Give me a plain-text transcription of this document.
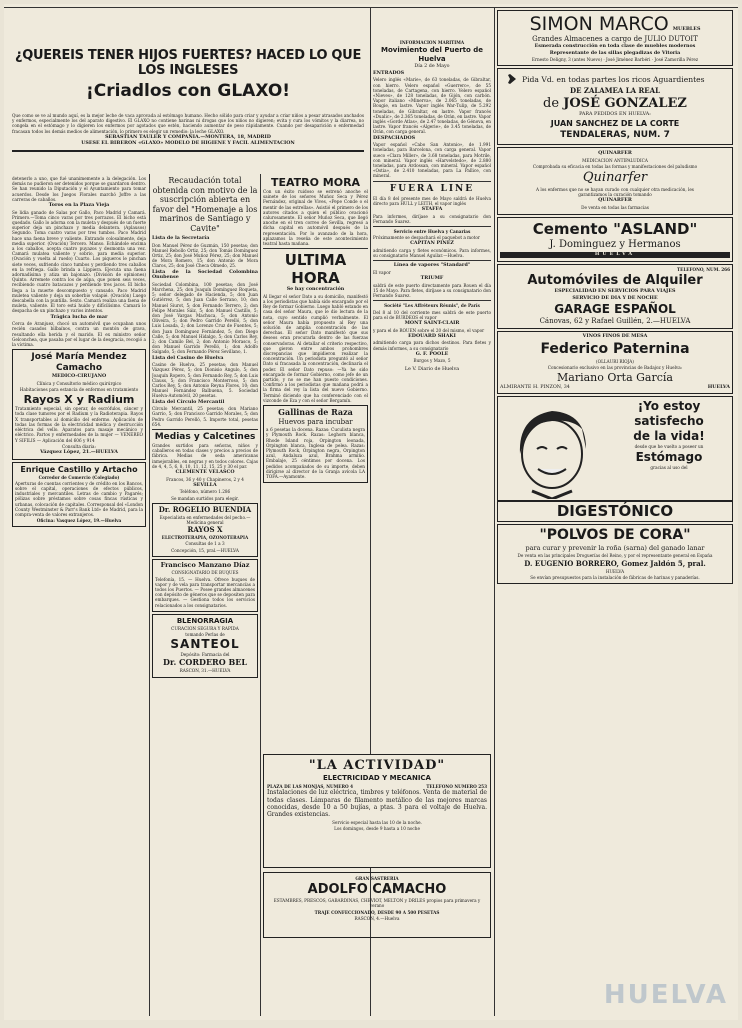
¿QUEREIS TENER HIJOS FUERTES? HACED LO QUE LOS INGLESES
¡Criadlos con GLAXO!

Que como se ve al mundo aquí, es la mejor leche de vaca aprovada al estómago humano. Hecho sólido para criar y ayudar a criar niños a pesar atrasados anchados y enfermos, especialmente los del aparato digestivo. El GLAXO no contiene harinas ni drogas que los niños no digieren; evita y cura los vómitos y la diarrea, no congela en el estómago y lo digieren los enfermos por agotados que estén, haciendo aumentar de peso rápidamente. Cuando por desaparición o enfermedad fracasan todos los demás medios de alimentación, lo primero es elegir un remedio: la leche GLAXO.

SEBASTIAN TAULER Y COMPAÑIA.—MONTERA, 18, MADRID

USESE EL BIBERON «GLAXO» MODELO DE HIGIENE Y FACIL ALIMENTACION

detenerlo a uno, que fué unanimemente a la delegación. Los demás no pudieron ser detenidos porque se guardaron dentro. Se han reunido la Diputación y el Ayuntamiento para tomar acuerdos. Desde los Juegos Florales marchó Joffre a las carreras de caballos.

Toros en la Plaza Vieja

Se lidia ganado de Salas por Gallo, Paco Madrid y Camará. Primero.—Toma cinco varas por tres porrazos. El bicho está quedado. Gallo lo adorna con la muleta y después de un fuerte superior deja un pinchazo y media delantera. (Aplausos) Segundo. Toma cuatro varas por tres tumbos. Paco Madrid hace una faena breve y valiente. Entrando colosalmente, deja media superior. (Ovación) Tercero. Manso. Echándole encima a los caballos, acepta cuatro puyazos y desmonta una vez. Camará mulatea valiente y sobrio, para media superior. (Ovación y vuelta al ruedo) Cuarto. Los piqueros le pinchan siete veces, sufriendo cinco tumbos y perdiendo tres caballos en la refriega. Gallo brinda a Lippiera. Ejecuta una faena adornadísima y atiza un bajonazo. (División de opiniones) Quinto. Arremete contra los de aúpa, que ponen seis veces, recibiendo cuatro batacazos y perdiendo tres jacos. El bicho llega a la muerte descompuesto y cansado. Paco Madrid muletea valiente y deja un soberbio volapié. (Ovación) Luego descabella con la puntilla. Sexto. Camará realiza una faena de muleta, valiente. El toro está huido y difícilísimo. Camará lo despacha de un pinchazo y varios intentos.

Trágica lucha de mar

Cerca de Aranjuez, chocó un automóvil que ocupaban unos recién casados bilbaínos, contra un montón de grava, resultando ella herida y el marido. El ex ministro señor Gelconchea, que pasaba por el lugar de la desgracia, recogió a la víctima.

José María Mendez Camacho

MEDICO-CIRUJANO

Clínica y Consultorio médico quirúrgico

Habitaciones para estancia de enfermos en tratamiento

Rayos X y Radium

Tratamiento especial, sin operar, de escrófulos, cáncer y toda clase tumores por el Radium y la Radioterapia. Rayos X transportables al domicilio del enfermo. Aplicación de todas las formas de la electricidad médica y destrucción eléctrica del vello. Aparatos para masaje mecánico y eléctrico. Partos y enfermedades de la mujer — VENEREO Y SIFILIS — Aplicación del 606 y 914

Consulta diaria:

Vázquez López, 21.—HUELVA

Enrique Castillo y Artacho

Corredor de Comercio (Colegiado)

Aperturas de cuentas corrientes y de crédito en los Bancos, sobre el capital, operaciones de efectos públicos, industriales y mercantiles. Letras de cambio y Pagarés; pólizas sobre préstamos sobre cosas fincas rústicas y urbanas, colocación de capitales. Corresponsal del «London County Westminster & Parr's Bank Ltd» de Madrid, para la compra-venta de valores extranjeros.

Oficina: Vasquez López, 19.—Huelva

Recaudación total obtenida con motivo de la suscripción abierta en favor del "Homenaje a los marinos de Santiago y Cavite"

Lista de la Secretaría

Don Manuel Pérez de Guzmán, 150 pesetas; don Manuel Rebollo Ortiz, 25; don Tomás Domínguez Ortiz, 25; don José Muñoz Pérez, 25; don Manuel de Mora Romero, 15; don Antonio de Mora Claros, 25; don José Checa Olmedo, 25.

Lista de la Sociedad Colombina Onubense

Sociedad Colombina, 100 pesetas; don José Marchena, 25; don Joaquín Domínguez Roqueta, 5; señor delegado de Hacienda, 5; don Juan Gutiérrez, 5; don Juan Calle Serrano, 10; don Manuel Siurot, 5; don Fernando Terrero, 2; don Felipe Morales Sáiz, 5; don Manuel Castillo, 5; don José Vargas Machuca, 5; don Antonio Oliveira, 5; don Pedro Garrido Perelló, 5; don Luis Losada, 2; don Lorenzo Cruz de Fuentes, 5; don Juan Domínguez Fernández, 5; don Diego Calle, 5; don Manuel Hidalgo, 5; don Carlos Rey, 2; don Camilo Bel, 2; don Antonio Morasco, 5; don Manuel Garrido Perelló, 1; don Adolfo Salgado, 5; don Fernando Pérez Sevillano, 1.

Lista del Casino de Huelva

Casino de Huelva, 25 pesetas; don Manuel Vázquez Pérez, 5; don Dionisio Angulo, 5; don Joaquín Ropero, 5; don Fernando Rey, 5; don Luis Clauss, 5; don Francisco Monterroso, 5; don Carlos Rey, 5; don Antonio Reyna Flores, 10; don Manuel Fernández Balbuena, 5. Sociedad Huelva-Automóvil, 20 pesetas.

Lista del Círculo Mercantil

Círculo Mercantil, 25 pesetas; don Mariano Garrio, 5; don Francisco Garrido Morales, 5; don Pedro Garrido Perelló, 5. Importe total, pesetas 654.

Medias y Calcetines

Grandes surtidos para señoras, niños y caballeros en todas clases y precios a precios de fábrica. Medias de seda americanas inmejorables, en negras y en todos colores. Cajas de 4, 4, 5, 6, 8, 10, 11, 12, 15, 25 y 30 el par.

CLEMENTE VELASCO

Francos, 36 y 40 y Chapineros, 2 y 4

SEVILLA

Teléfono, número 1.286

Se mandan surtidos para elegir.

Dr. ROGELIO BUENDIA

Especialista en enfermedades del pecho.—Medicina general

RAYOS X

ELECTROTERAPIA, OZONOTERAPIA

Consultas de 1 a 3

Concepción, 15, pral.—HUELVA

Francisco Manzano Díaz

CONSIGNATARIO DE BUQUES

Telefonía, 15. — Huelva. Ofrece buques de vapor y de vela para transportar mercancías a todos los Puertos. — Posee grandes almacenes con depósito de géneros que se depositen para embarques. — Gestiona todos los servicios relacionados a los consignatarios.

BLENORRAGIA

CURACION SEGURA Y RAPIDA

tomando Perlas de

SANTEOL

Depósito: Farmacia del

Dr. CORDERO BEL

RASCON, 31.—HUELVA

TEATRO MORA

Con un éxito ruidoso se estrenó anoche el sainete de los señores Muñoz Seca y Pérez Fernández, original de Vives, «Pepe Conde o el mentir de las estrellas». Asistió el primero de los autores citados a quien el público ovacionó calurosamente. El señor Muñoz Seca, que llegó anoche en el tren correo de Sevilla, regresó a dicha capital en automóvil después de la representación. Por lo avanzado de la hora, aplazamos la reseña de este acontecimiento teatral hasta mañana.

ULTIMA HORA

Se hay concentración

Al llegar el señor Dato a su domicilio, manifestó a los periodistas que había sido encargado por el Rey de formar Gobierno. Luego habló estando en casa del señor Maura, que le dio lectura de la nota, cuyo sentido cumplió verbalmente. El señor Maura había propuesto al Rey una solución de amplia concentración de las derechas. El señor Dato manifestó que sus deseos eran procurarla dentro de las fuerzas conservadoras. Al detallar el criterio respectivo, que gieron entre ambos prohombres discrepancias que impidieron realizar la concentración. Un periodista preguntó al señor Dato si fracasada la concentración, declinaría el poder. El señor Dato repuso: —Ya he sido encargado de formar Gobierno, como jefe de un partido, y no se me han puesto condiciones. Confirmó a los periodistas que mañana podrá a la firma del rey la lista del nuevo Gobierno. Terminó diciendo que ha conferenciado con el vizconde de Eza y con el señor Bergamín.

Gallinas de Raza

Huevos para incubar

a 6 pesetas la docena. Razas: Cuculista negra y Plymouth Rock. Razas: Leghorn blanca, Rhode Island roja, Orpington leonada, Orpington blanca, Inglesa de pelea. Razas: Plymouth Rock, Orpington negra, Orpington azul, Andaluza azul, Brahma armiño. Embalaje, 25 céntimos por docena. Los pedidos acompañados de su importe, deben dirigirse al director de la Granja avícola LA TOFA.—Ayamonte.

INFORMACION MARITIMA

Movimiento del Puerto de Huelva

Día 2 de Mayo

ENTRADOS

Velero inglés «Marie», de 63 toneladas, de Gibraltar, con hierro. Velero español «Guerrero», de 55 toneladas, de Cartagena, con hierro. Velero español «Nieves», de 128 toneladas, de Gijón, con carbón. Vapor italiano «Minerva», de 2.065 toneladas, de Bougie, en lastre. Vapor inglés War-Tulip, de 5.292 toneladas, de Gibraltar, en lastre. Vapor francés «Dualic», de 2.365 toneladas, de Orán, en lastre. Vapor inglés «Gorde Atlas», de 2.47 toneladas, de Génova, en lastre. Vapor francés «Algerie», de 3.45 toneladas, de Orán, con carga general.

DESPACHADOS

Vapor español «Cabo San Antonio», de 1.991 toneladas, para Barcelona, con carga general. Vapor sueco «Clara Miller», de 3.68 toneladas, para Motrile, con mineral. Vapor inglés «Harvelstedo», de 2.880 toneladas, para Ardossan, con mineral. Vapor español «Ostia», de 2.410 toneladas, para La Pallice, con mineral.

FUERA LINE

El día 8 del presente mes de Mayo saldrá de Huelva directo para HULL y LEITH, el vapor inglés

STAFFA

Para informes, diríjase a su consignatario don Fernando Suarez.

Servicio entre Huelva y Canarias

Próximamente se despachará el paquebot a motor

CAPITAN PINEZ

admitiendo carga y fletes económicos. Para informes, su consignatario Manuel Aguilar.—Huelva.

Línea de vapores "Standard"

El vapor

TRIUMF

saldrá de este puerto directamente para Rouen el día 15 de Mayo. Para fletes, diríjase a su consignatario don Fernando Suarez.

Société "Les Affréteurs Réunis", de París

Del 8 al 10 del corriente mes saldrá de este puerto para el de BURDEOS el vapor

MONT SAINT-CLAIR

y para el de ROUEN sobre el 20 del mismo, el vapor

EDOUARD SHAKI

admitiendo carga para dichos destinos. Para fletes y demás informes, a su consignatario

G. F. POOLE

Burgos y Mazo, 5

Le V. Diario de Huelva

"LA ACTIVIDAD"

ELECTRICIDAD Y MECANICA

PLAZA DE LAS MONJAS, NUMERO 4	TELEFONO NUMERO 253

Instalaciones de luz eléctrica, timbres y teléfonos. Venta de material de todas clases. Lámparas de filamento metálico de las mejores marcas conocidas, desde 10 a 50 bujías, a ptas. 3 para el voltaje de Huelva. Grandes existencias.

Servicio especial hasta las 10 de la noche.

Los domingos, desde 9 hasta a 10 noche

GRAN SASTRERIA

ADOLFO CAMACHO

ESTAMBRES, PRESCOS, GABARDINAS, CHEVIOT, MELTON y DRILES propios para primavera y verano

TRAJE CONFECCIONADO, DESDE 90 A 500 PESETAS

RASCON, 4.—Huelva

SIMON MARCO MUEBLES

Grandes Almacenes a cargo de JULIO DUTOIT

Esmerada construcción en toda clase de muebles modernos

Representante de las sillas plegadizas de Vitoria

Ernesto Deligny, 3 (antes Nuevo) · José Jiménez Barbéri · José Zamorilla Pérez

Pida Vd. en todas partes los ricos Aguardientes

DE ZALAMEA LA REAL

de JOSÉ GONZALEZ

PARA PEDIDOS EN HUELVA:

JUAN SANCHEZ DE LA CORTE

TENDALERAS, NUM. 7

QUINARFER

MEDICACION ANTIPALUDICA

Comprobada su eficacia en todas las formas y manifestaciones del paludismo

Quinarfer

A los enfermos que no se hayan curado con cualquier otra medicación, les garantizamos la curación tomando

QUINARFER

De venta en todas las farmacias

Cemento "ASLAND"

J. Dominguez y Hermanos

HUELVA

TELEFONO, NUM. 266

Automóviles de Alquiler

ESPECIALIDAD EN SERVICIOS PARA VIAJES

SERVICIO DE DIA Y DE NOCHE

GARAGE ESPAÑOL

Cánovas, 62 y Rafael Guillén, 2.—HUELVA

VINOS FINOS DE MESA

Federico Paternina

(OLLAURI RIOJA)

Concesionario exclusivo en las provincias de Badajoz y Huelva:

Mariano Orta García

ALMIRANTE H. PINZON, 34	HUELVA

¡Yo estoy

satisfecho

de la vida!

desde que he vuelto a poseer un

Estómago

gracias al uso del

DIGESTÓNICO

"POLVOS DE CORA"

para curar y prevenir la roña (sarna) del ganado lanar

De venta en las principales Droguerías del Reino, y por el representante general en España

D. EUGENIO BORRERO, Gomez Jaldón 5, pral.

HUELVA

Se envían presupuestos para la instalación de fábricas de harinas y panaderías.

HUELVA
